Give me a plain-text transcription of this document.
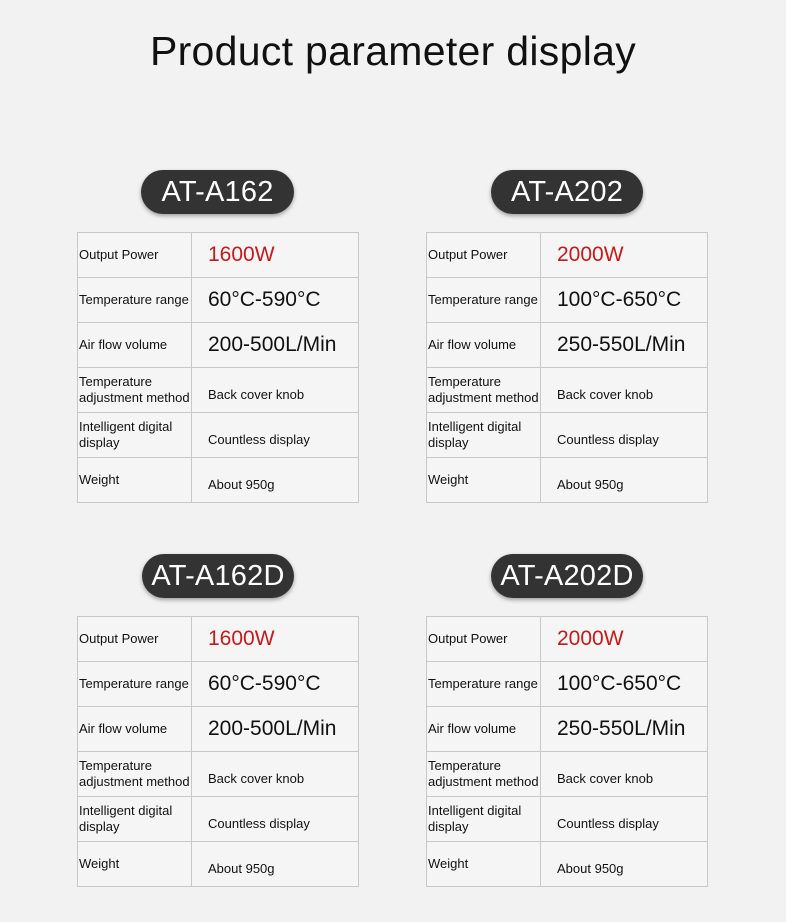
Product parameter display
AT-A162
Output Power	1600W

Temperature range	60°C-590°C

Air flow volume	200-500L/Min

Temperature adjustment method	Back cover knob

Intelligent digital display	Countless display

Weight	About 950g
AT-A202
Output Power	2000W

Temperature range	100°C-650°C

Air flow volume	250-550L/Min

Temperature adjustment method	Back cover knob

Intelligent digital display	Countless display

Weight	About 950g
AT-A162D
Output Power	1600W

Temperature range	60°C-590°C

Air flow volume	200-500L/Min

Temperature adjustment method	Back cover knob

Intelligent digital display	Countless display

Weight	About 950g
AT-A202D
Output Power	2000W

Temperature range	100°C-650°C

Air flow volume	250-550L/Min

Temperature adjustment method	Back cover knob

Intelligent digital display	Countless display

Weight	About 950g
